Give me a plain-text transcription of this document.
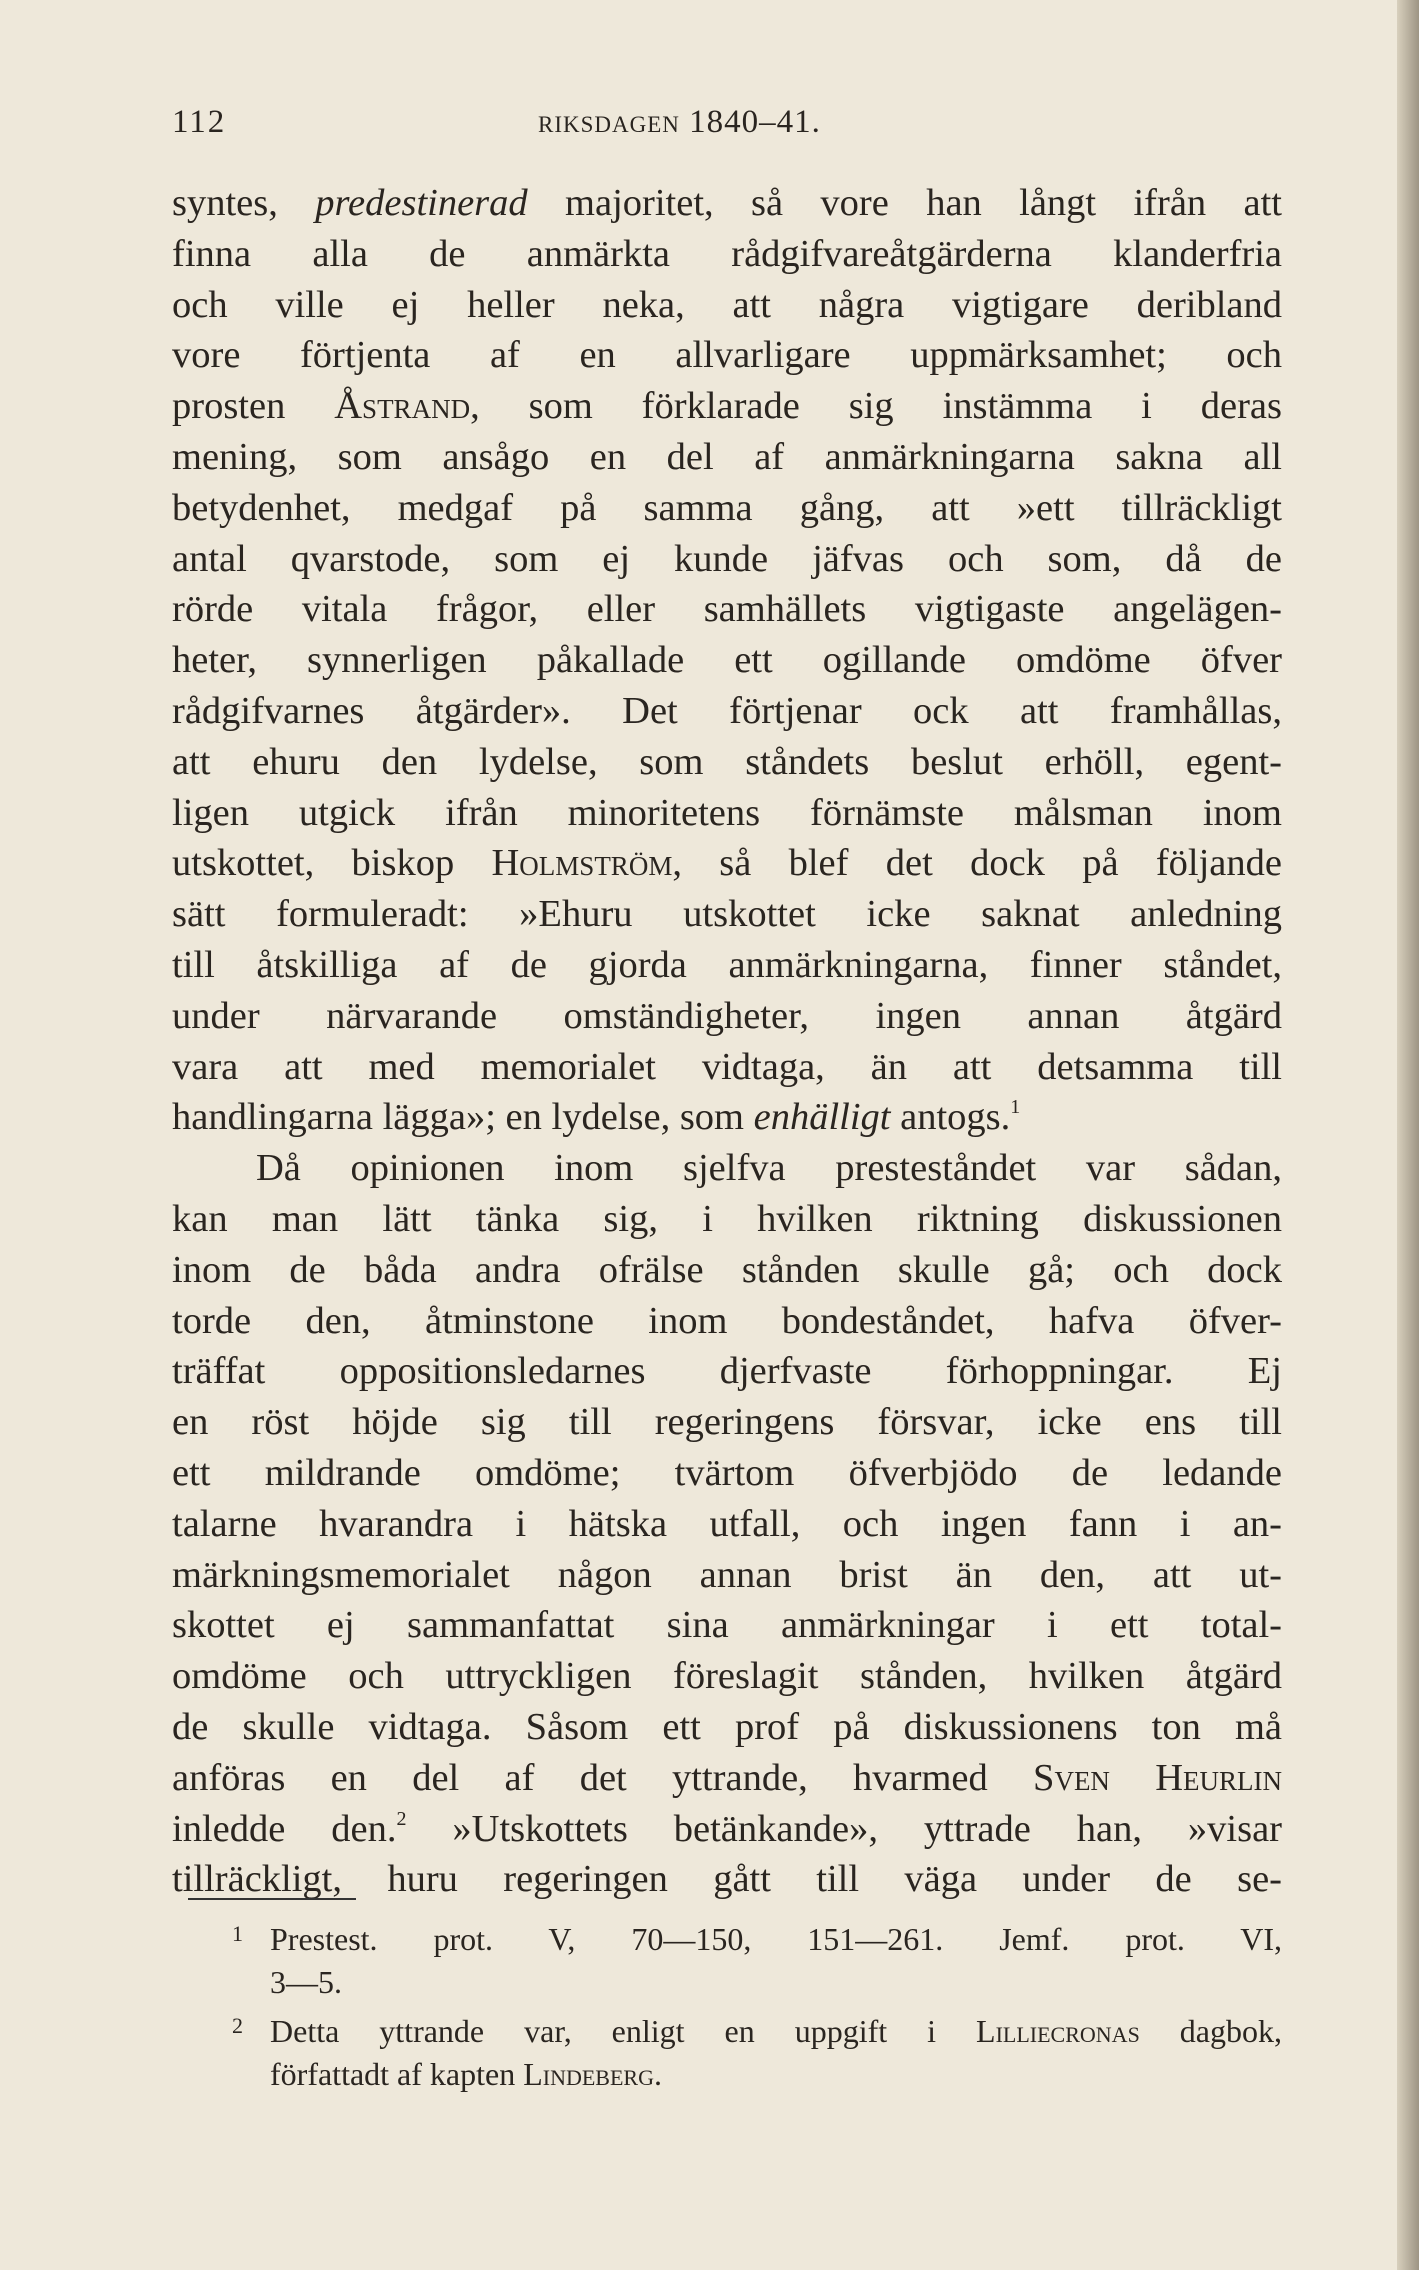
112	RIKSDAGEN 1840–41.
syntes, predestinerad majoritet, så vore han långt ifrån att
finna alla de anmärkta rådgifvareåtgärderna klanderfria
och ville ej heller neka, att några vigtigare deribland
vore förtjenta af en allvarligare uppmärksamhet; och
prosten Åstrand, som förklarade sig instämma i deras
mening, som ansågo en del af anmärkningarna sakna all
betydenhet, medgaf på samma gång, att »ett tillräckligt
antal qvarstode, som ej kunde jäfvas och som, då de
rörde vitala frågor, eller samhällets vigtigaste angelägen-
heter, synnerligen påkallade ett ogillande omdöme öfver
rådgifvarnes åtgärder». Det förtjenar ock att framhållas,
att ehuru den lydelse, som ståndets beslut erhöll, egent-
ligen utgick ifrån minoritetens förnämste målsman inom
utskottet, biskop Holmström, så blef det dock på följande
sätt formuleradt: »Ehuru utskottet icke saknat anledning
till åtskilliga af de gjorda anmärkningarna, finner ståndet,
under närvarande omständigheter, ingen annan åtgärd
vara att med memorialet vidtaga, än att detsamma till
handlingarna lägga»; en lydelse, som enhälligt antogs.$^1$
Då opinionen inom sjelfva presteståndet var sådan,
kan man lätt tänka sig, i hvilken riktning diskussionen
inom de båda andra ofrälse stånden skulle gå; och dock
torde den, åtminstone inom bondeståndet, hafva öfver-
träffat oppositionsledarnes djerfvaste förhoppningar. Ej
en röst höjde sig till regeringens försvar, icke ens till
ett mildrande omdöme; tvärtom öfverbjödo de ledande
talarne hvarandra i hätska utfall, och ingen fann i an-
märkningsmemorialet någon annan brist än den, att ut-
skottet ej sammanfattat sina anmärkningar i ett total-
omdöme och uttryckligen föreslagit stånden, hvilken åtgärd
de skulle vidtaga. Såsom ett prof på diskussionens ton må
anföras en del af det yttrande, hvarmed Sven Heurlin
inledde den.$^2$ »Utskottets betänkande», yttrade han, »visar
tillräckligt, huru regeringen gått till väga under de se-
1 Prestest. prot. V, 70—150, 151—261. Jemf. prot. VI,
3—5.
2 Detta yttrande var, enligt en uppgift i Lilliecronas dagbok,
författadt af kapten Lindeberg.
